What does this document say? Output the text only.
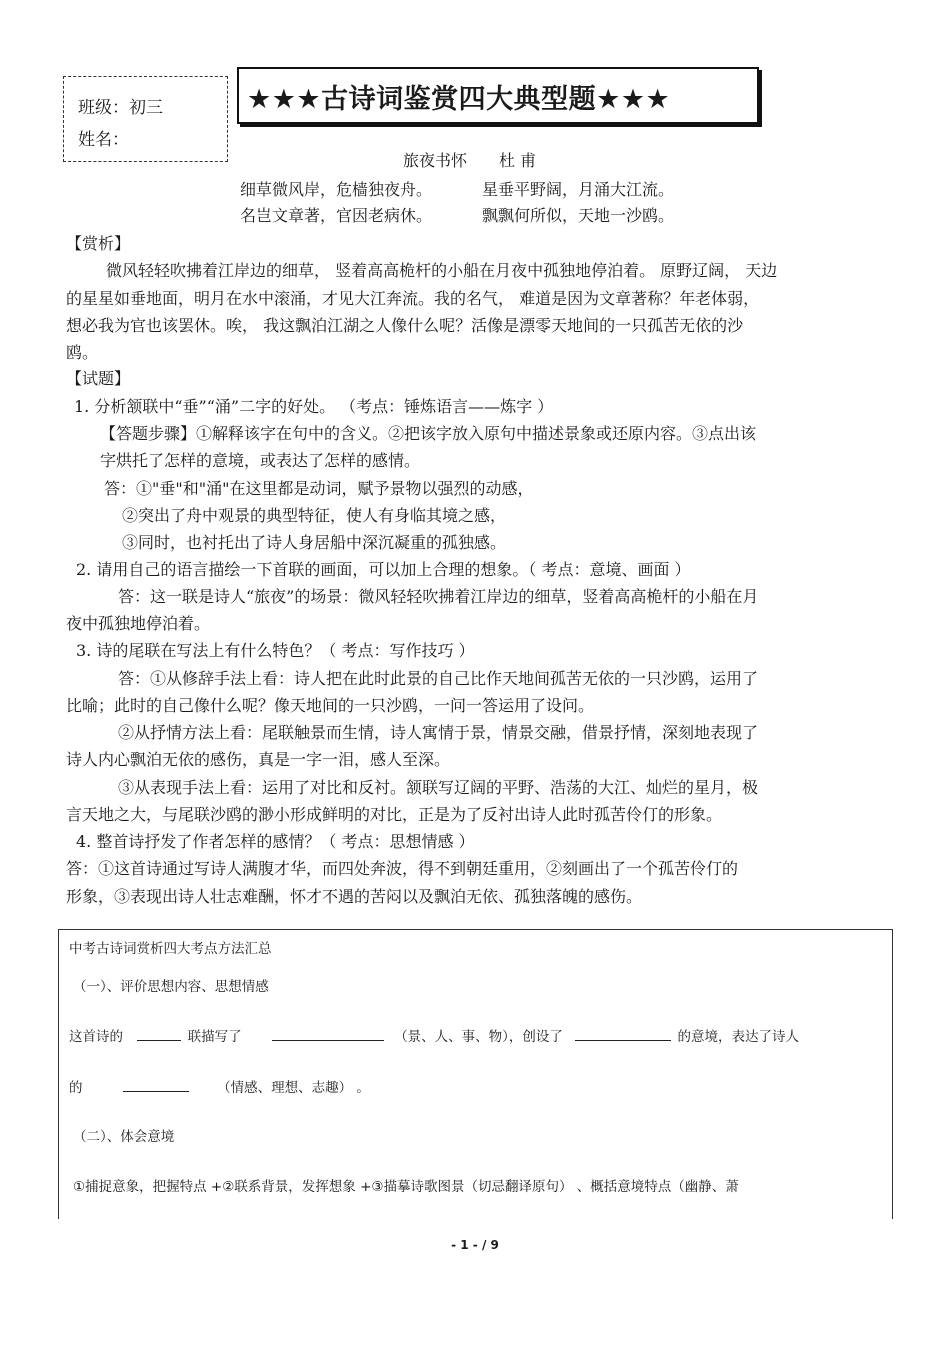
班级：初三
姓名：
★★★古诗词鉴赏四大典型题★★★
旅夜书怀 杜 甫
细草微风岸，危樯独夜舟。	星垂平野阔，月涌大江流。
名岂文章著，官因老病休。	飘飘何所似，天地一沙鸥。
【赏析】
微风轻轻吹拂着江岸边的细草， 竖着高高桅杆的小船在月夜中孤独地停泊着。 原野辽阔， 天边
的星星如垂地面，明月在水中滚涌，才见大江奔流。我的名气， 难道是因为文章著称？年老体弱，
想必我为官也该罢休。唉， 我这飘泊江湖之人像什么呢？活像是漂零天地间的一只孤苦无依的沙
鸥。
【试题】
1. 分析颔联中“垂”“涌”二字的好处。 （考点：锤炼语言——炼字 ）
【答题步骤】①解释该字在句中的含义。②把该字放入原句中描述景象或还原内容。③点出该
字烘托了怎样的意境，或表达了怎样的感情。
答：①"垂"和"涌"在这里都是动词，赋予景物以强烈的动感，
②突出了舟中观景的典型特征，使人有身临其境之感，
③同时，也衬托出了诗人身居船中深沉凝重的孤独感。
2. 请用自己的语言描绘一下首联的画面，可以加上合理的想象。（ 考点：意境、画面 ）
答：这一联是诗人“旅夜”的场景：微风轻轻吹拂着江岸边的细草，竖着高高桅杆的小船在月
夜中孤独地停泊着。
3. 诗的尾联在写法上有什么特色？（ 考点：写作技巧 ）
答：①从修辞手法上看：诗人把在此时此景的自己比作天地间孤苦无依的一只沙鸥，运用了
比喻；此时的自己像什么呢？像天地间的一只沙鸥，一问一答运用了设问。
②从抒情方法上看：尾联触景而生情，诗人寓情于景，情景交融，借景抒情，深刻地表现了
诗人内心飘泊无依的感伤，真是一字一泪，感人至深。
③从表现手法上看：运用了对比和反衬。颔联写辽阔的平野、浩荡的大江、灿烂的星月，极
言天地之大，与尾联沙鸥的渺小形成鲜明的对比，正是为了反衬出诗人此时孤苦伶仃的形象。
4. 整首诗抒发了作者怎样的感情？（ 考点：思想情感 ）
答：①这首诗通过写诗人满腹才华，而四处奔波，得不到朝廷重用，②刻画出了一个孤苦伶仃的
形象，③表现出诗人壮志难酬，怀才不遇的苦闷以及飘泊无依、孤独落魄的感伤。
中考古诗词赏析四大考点方法汇总
（一）、评价思想内容、思想情感
这首诗的	联描写了	（景、人、事、物），创设了	的意境，表达了诗人
的	（情感、理想、志趣） 。
（二）、体会意境
①捕捉意象，把握特点 +②联系背景，发挥想象 +③描摹诗歌图景（切忌翻译原句） 、概括意境特点（幽静、萧
- 1 - / 9
